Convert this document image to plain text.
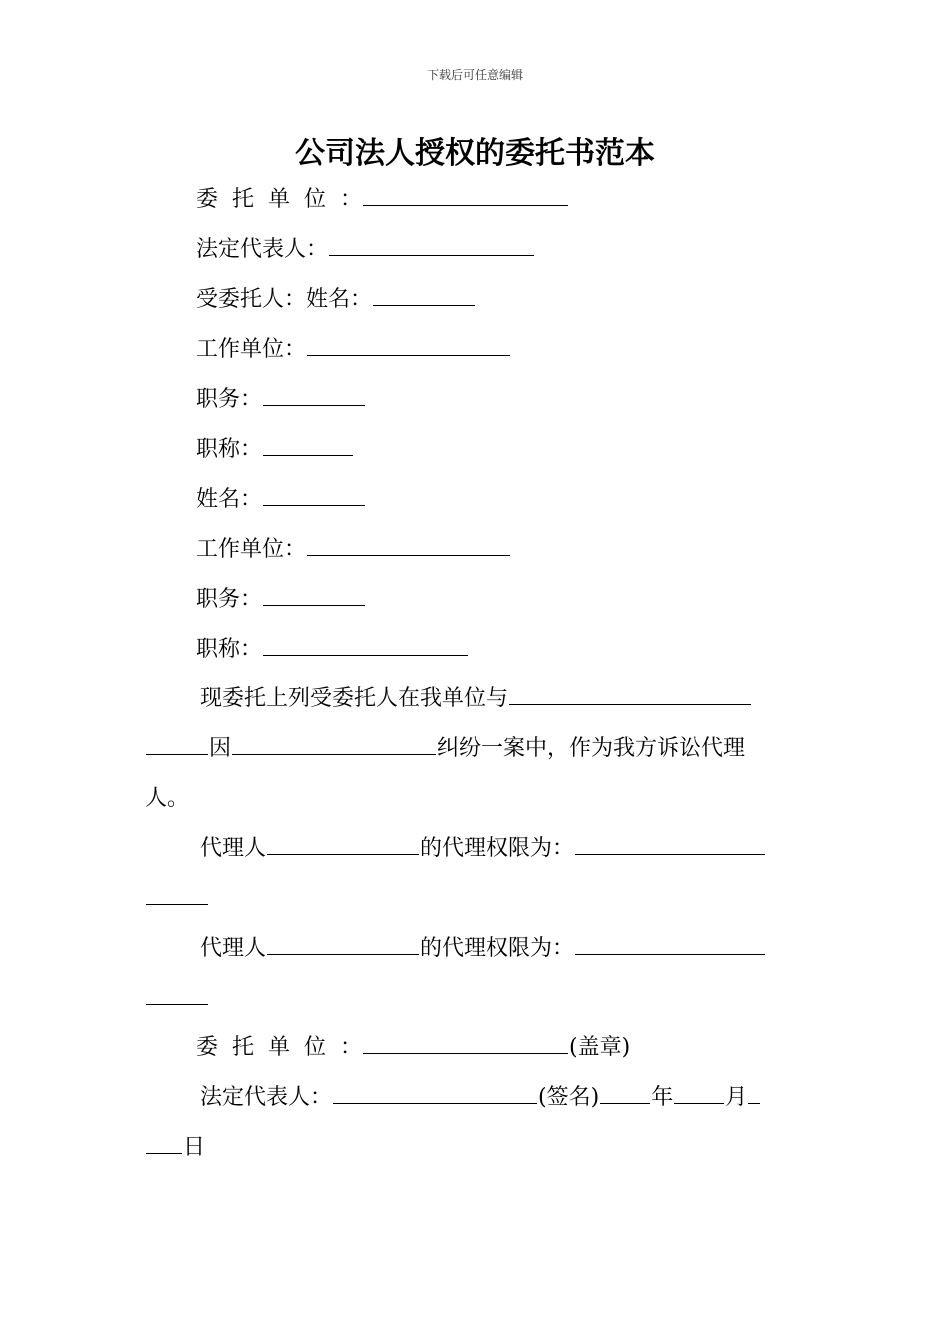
下载后可任意编辑
公司法人授权的委托书范本
委托单位：
法定代表人：
受委托人：姓名：
工作单位：
职务：
职称：
姓名：
工作单位：
职务：
职称：
现委托上列受委托人在我单位与
因	纠纷一案中，作为我方诉讼代理
人。
代理人	的代理权限为：
代理人	的代理权限为：
委托单位：	(盖章)
法定代表人：	(签名) 年 月
日
